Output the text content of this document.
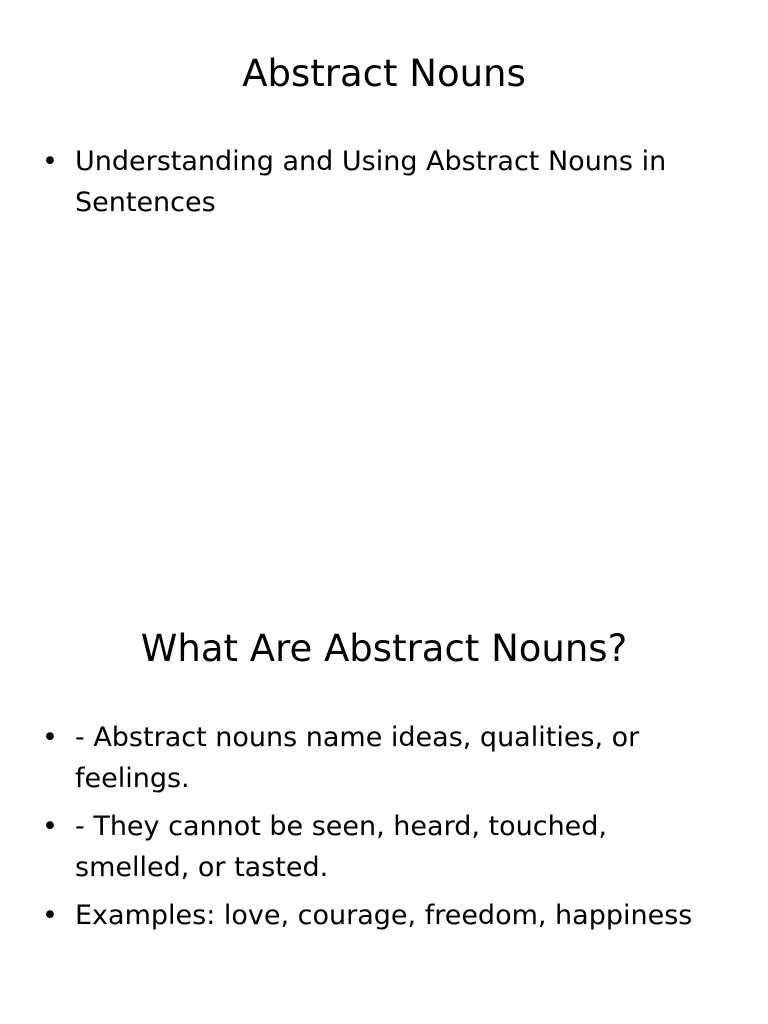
Abstract Nouns
• Understanding and Using Abstract Nouns in Sentences
What Are Abstract Nouns?
• - Abstract nouns name ideas, qualities, or feelings.
• - They cannot be seen, heard, touched, smelled, or tasted.
• Examples: love, courage, freedom, happiness
